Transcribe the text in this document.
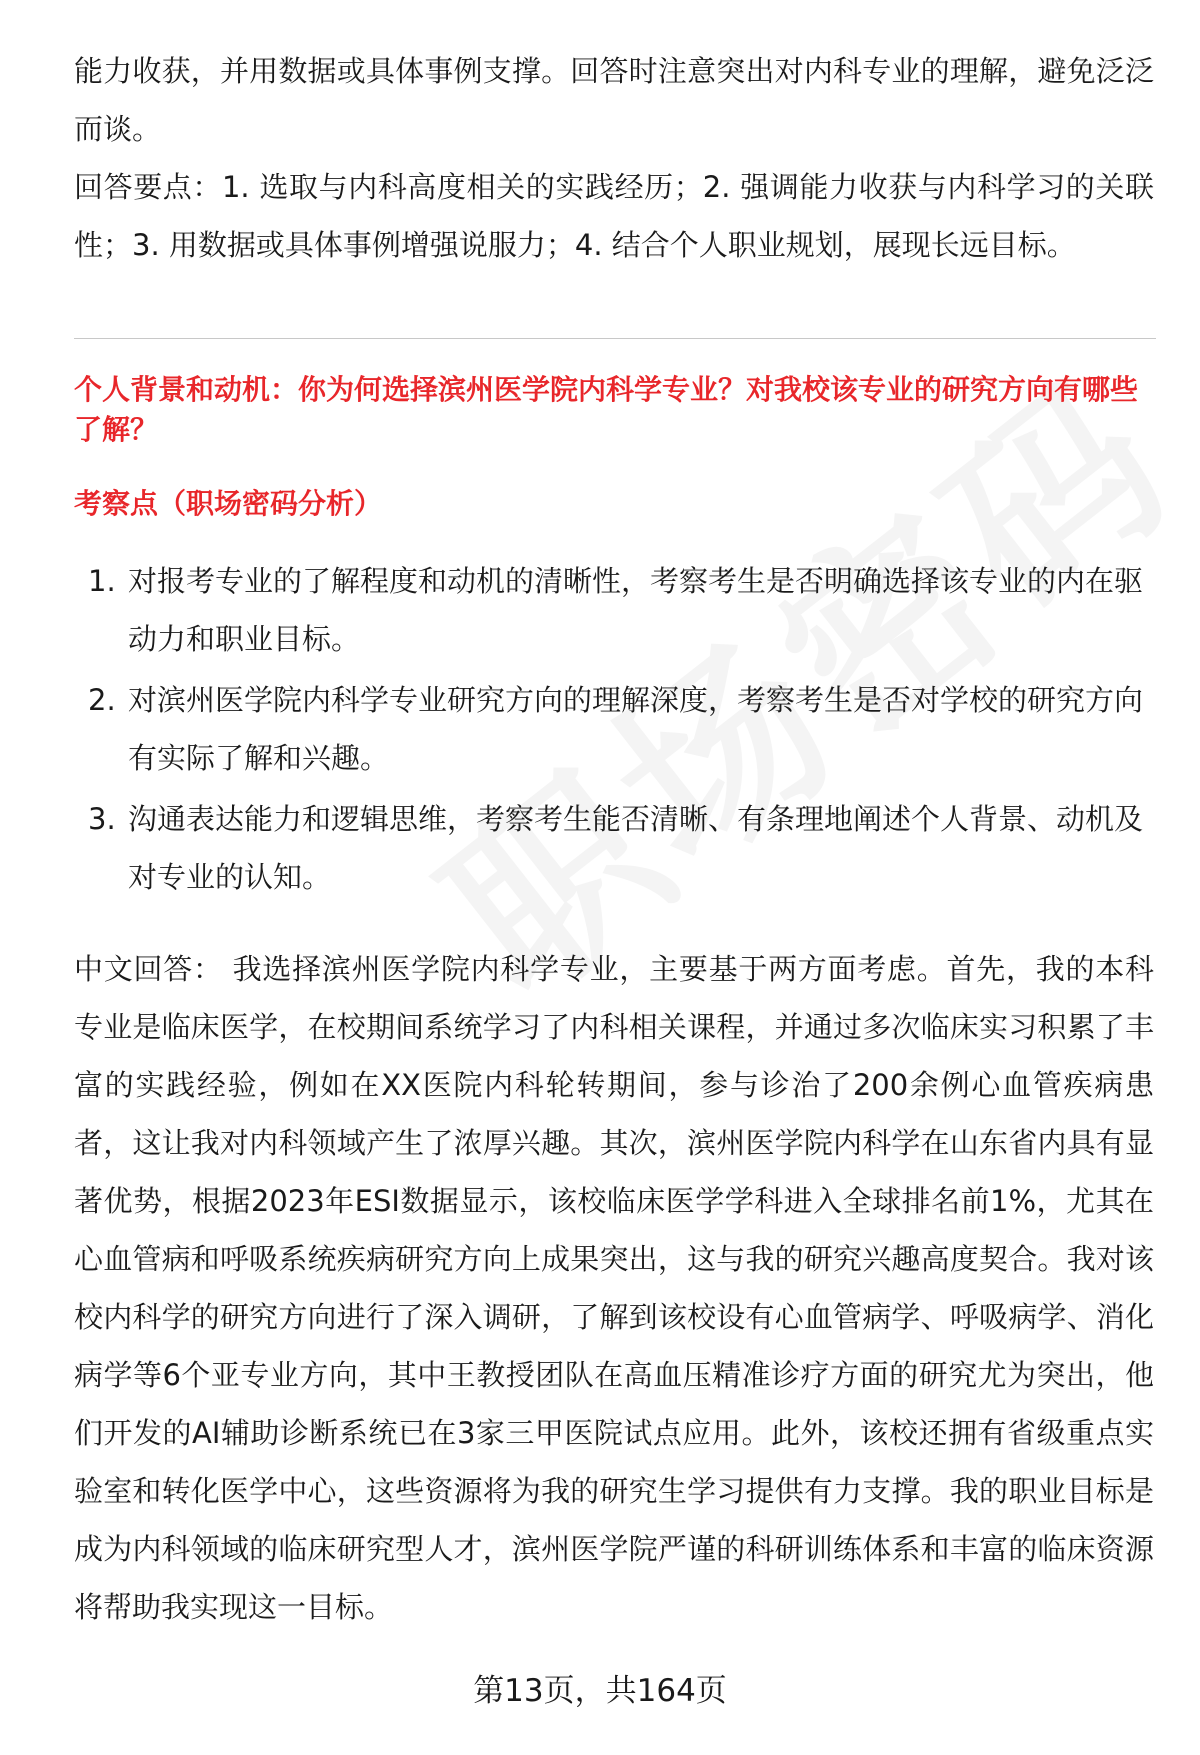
能力收获，并用数据或具体事例支撑。回答时注意突出对内科专业的理解，避免泛泛而谈。

回答要点：1. 选取与内科高度相关的实践经历；2. 强调能力收获与内科学习的关联性；3. 用数据或具体事例增强说服力；4. 结合个人职业规划，展现长远目标。

个人背景和动机：你为何选择滨州医学院内科学专业？对我校该专业的研究方向有哪些了解？
考察点（职场密码分析）
1. 对报考专业的了解程度和动机的清晰性，考察考生是否明确选择该专业的内在驱动力和职业目标。
2. 对滨州医学院内科学专业研究方向的理解深度，考察考生是否对学校的研究方向有实际了解和兴趣。
3. 沟通表达能力和逻辑思维，考察考生能否清晰、有条理地阐述个人背景、动机及对专业的认知。

中文回答： 我选择滨州医学院内科学专业，主要基于两方面考虑。首先，我的本科专业是临床医学，在校期间系统学习了内科相关课程，并通过多次临床实习积累了丰富的实践经验，例如在XX医院内科轮转期间，参与诊治了200余例心血管疾病患者，这让我对内科领域产生了浓厚兴趣。其次，滨州医学院内科学在山东省内具有显著优势，根据2023年ESI数据显示，该校临床医学学科进入全球排名前1%，尤其在心血管病和呼吸系统疾病研究方向上成果突出，这与我的研究兴趣高度契合。我对该校内科学的研究方向进行了深入调研，了解到该校设有心血管病学、呼吸病学、消化病学等6个亚专业方向，其中王教授团队在高血压精准诊疗方面的研究尤为突出，他们开发的AI辅助诊断系统已在3家三甲医院试点应用。此外，该校还拥有省级重点实验室和转化医学中心，这些资源将为我的研究生学习提供有力支撑。我的职业目标是成为内科领域的临床研究型人才，滨州医学院严谨的科研训练体系和丰富的临床资源将帮助我实现这一目标。

第13页，共164页
